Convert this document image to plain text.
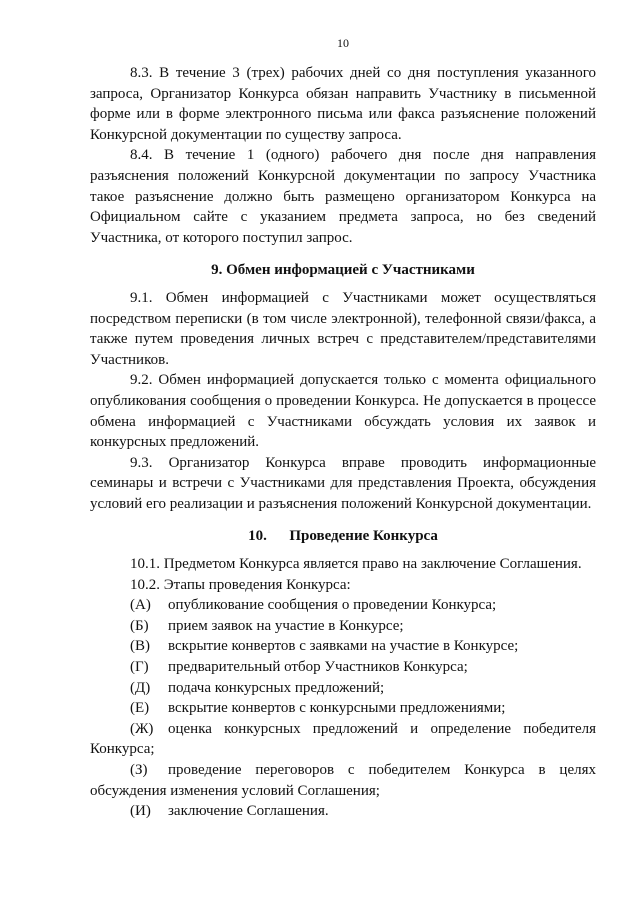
10

8.3. В течение 3 (трех) рабочих дней со дня поступления указанного запроса, Организатор Конкурса обязан направить Участнику в письменной форме или в форме электронного письма или факса разъяснение положений Конкурсной документации по существу запроса.

8.4. В течение 1 (одного) рабочего дня после дня направления разъяснения положений Конкурсной документации по запросу Участника такое разъяснение должно быть размещено организатором Конкурса на Официальном сайте с указанием предмета запроса, но без сведений Участника, от которого поступил запрос.

9. Обмен информацией с Участниками

9.1. Обмен информацией с Участниками может осуществляться посредством переписки (в том числе электронной), телефонной связи/факса, а также путем проведения личных встреч с представителем/представителями Участников.

9.2. Обмен информацией допускается только с момента официального опубликования сообщения о проведении Конкурса. Не допускается в процессе обмена информацией с Участниками обсуждать условия их заявок и конкурсных предложений.

9.3. Организатор Конкурса вправе проводить информационные семинары и встречи с Участниками для представления Проекта, обсуждения условий его реализации и разъяснения положений Конкурсной документации.

10. Проведение Конкурса

10.1. Предметом Конкурса является право на заключение Соглашения.

10.2. Этапы проведения Конкурса:

(А)	опубликование сообщения о проведении Конкурса;
(Б)	прием заявок на участие в Конкурсе;
(В)	вскрытие конвертов с заявками на участие в Конкурсе;
(Г)	предварительный отбор Участников Конкурса;
(Д)	подача конкурсных предложений;
(Е)	вскрытие конвертов с конкурсными предложениями;

(Ж) оценка конкурсных предложений и определение победителя Конкурса;

(З) проведение переговоров с победителем Конкурса в целях обсуждения изменения условий Соглашения;

(И)	заключение Соглашения.
